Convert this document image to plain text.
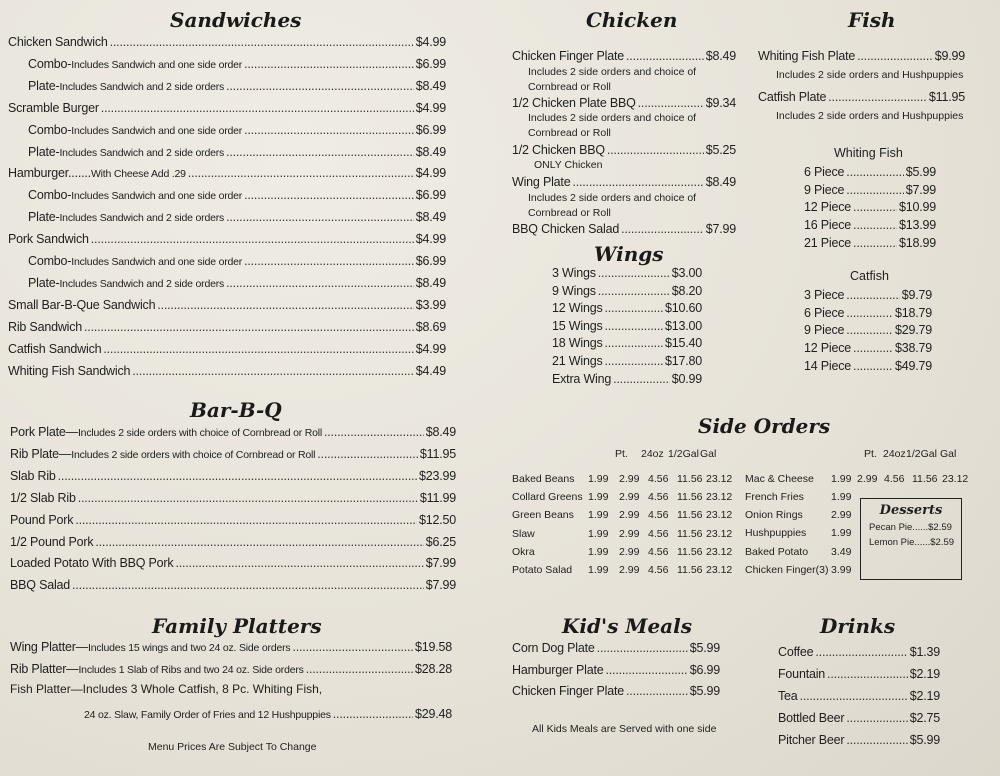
Sandwiches
Chicken Sandwich .....	$4.99
Combo- Includes Sandwich and one side order .....	$6.99
Plate- Includes Sandwich and 2 side orders .....	$8.49
Scramble Burger .....	$4.99
Combo- Includes Sandwich and one side order .....	$6.99
Plate- Includes Sandwich and 2 side orders .....	$8.49
Hamburger....... With Cheese Add .29 .....	$4.99
Combo- Includes Sandwich and one side order .....	$6.99
Plate- Includes Sandwich and 2 side orders .....	$8.49
Pork Sandwich .....	$4.99
Combo- Includes Sandwich and one side order .....	$6.99
Plate- Includes Sandwich and 2 side orders .....	$8.49
Small Bar-B-Que Sandwich .....	$3.99
Rib Sandwich .....	$8.69
Catfish Sandwich .....	$4.99
Whiting Fish Sandwich .....	$4.49
Bar-B-Q
Pork Plate— Includes 2 side orders with choice of Cornbread or Roll .....	$8.49
Rib Plate— Includes 2 side orders with choice of Cornbread or Roll .....	$11.95
Slab Rib .....	$23.99
1/2 Slab Rib .....	$11.99
Pound Pork .....	$12.50
1/2 Pound Pork .....	$6.25
Loaded Potato With BBQ Pork .....	$7.99
BBQ Salad .....	$7.99
Family Platters
Wing Platter— Includes 15 wings and two 24 oz. Side orders .....	$19.58
Rib Platter— Includes 1 Slab of Ribs and two 24 oz. Side orders .....	$28.28
Fish Platter—Includes 3 Whole Catfish, 8 Pc. Whiting Fish,
24 oz. Slaw, Family Order of Fries and 12 Hushpuppies .....	$29.48
Menu Prices Are Subject To Change
Chicken
Chicken Finger Plate .....	$8.49
Includes 2 side orders and choice of
Cornbread or Roll
1/2 Chicken Plate BBQ .....	$9.34
Includes 2 side orders and choice of
Cornbread or Roll
1/2 Chicken BBQ .....	$5.25
ONLY Chicken
Wing Plate .....	$8.49
Includes 2 side orders and choice of
Cornbread or Roll
BBQ Chicken Salad .....	$7.99
Wings
3 Wings .....	$3.00
9 Wings .....	$8.20
12 Wings .....	$10.60
15 Wings .....	$13.00
18 Wings .....	$15.40
21 Wings .....	$17.80
Extra Wing .....	$0.99
Fish
Whiting Fish Plate .....	$9.99
Includes 2 side orders and Hushpuppies
Catfish Plate .....	$11.95
Includes 2 side orders and Hushpuppies
Whiting Fish
6 Piece .....	$5.99
9 Piece .....	$7.99
12 Piece .....	$10.99
16 Piece .....	$13.99
21 Piece .....	$18.99
Catfish
3 Piece .....	$9.79
6 Piece .....	$18.79
9 Piece .....	$29.79
12 Piece .....	$38.79
14 Piece .....	$49.79
Side Orders
Pt. 24oz 1/2Gal Gal	Pt. 24oz 1/2Gal Gal
Baked Beans 1.99 2.99 4.56 11.56 23.12
Collard Greens 1.99 2.99 4.56 11.56 23.12
Green Beans 1.99 2.99 4.56 11.56 23.12
Slaw	1.99 2.99 4.56 11.56 23.12
Okra	1.99 2.99 4.56 11.56 23.12
Potato Salad 1.99 2.99 4.56 11.56 23.12
Mac & Cheese 1.99 2.99 4.56 11.56 23.12
French Fries	1.99
Onion Rings	2.99
Hushpuppies 1.99
Baked Potato 3.49
Chicken Finger(3) 3.99
Desserts
Pecan Pie......$2.59
Lemon Pie......$2.59
Kid's Meals
Corn Dog Plate .....	$5.99
Hamburger Plate .....	$6.99
Chicken Finger Plate .....	$5.99
All Kids Meals are Served with one side
Drinks
Coffee .....	$1.39
Fountain .....	$2.19
Tea .....	$2.19
Bottled Beer .....	$2.75
Pitcher Beer .....	$5.99
